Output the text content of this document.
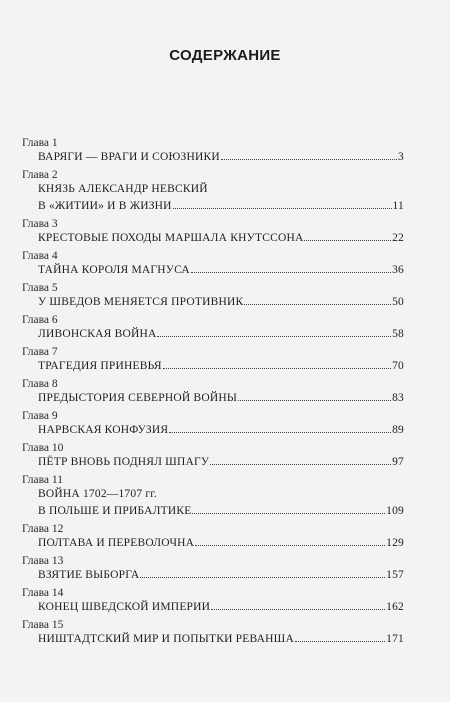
СОДЕРЖАНИЕ
Глава 1
ВАРЯГИ — ВРАГИ И СОЮЗНИКИ	3
Глава 2
КНЯЗЬ АЛЕКСАНДР НЕВСКИЙ
В «ЖИТИИ» И В ЖИЗНИ	11
Глава 3
КРЕСТОВЫЕ ПОХОДЫ МАРШАЛА КНУТССОНА	22
Глава 4
ТАЙНА КОРОЛЯ МАГНУСА	36
Глава 5
У ШВЕДОВ МЕНЯЕТСЯ ПРОТИВНИК	50
Глава 6
ЛИВОНСКАЯ ВОЙНА	58
Глава 7
ТРАГЕДИЯ ПРИНЕВЬЯ	70
Глава 8
ПРЕДЫСТОРИЯ СЕВЕРНОЙ ВОЙНЫ	83
Глава 9
НАРВСКАЯ КОНФУЗИЯ	89
Глава 10
ПЁТР ВНОВЬ ПОДНЯЛ ШПАГУ	97
Глава 11
ВОЙНА 1702—1707 гг.
В ПОЛЬШЕ И ПРИБАЛТИКЕ	109
Глава 12
ПОЛТАВА И ПЕРЕВОЛОЧНА	129
Глава 13
ВЗЯТИЕ ВЫБОРГА	157
Глава 14
КОНЕЦ ШВЕДСКОЙ ИМПЕРИИ	162
Глава 15
НИШТАДТСКИЙ МИР И ПОПЫТКИ РЕВАНША	171
